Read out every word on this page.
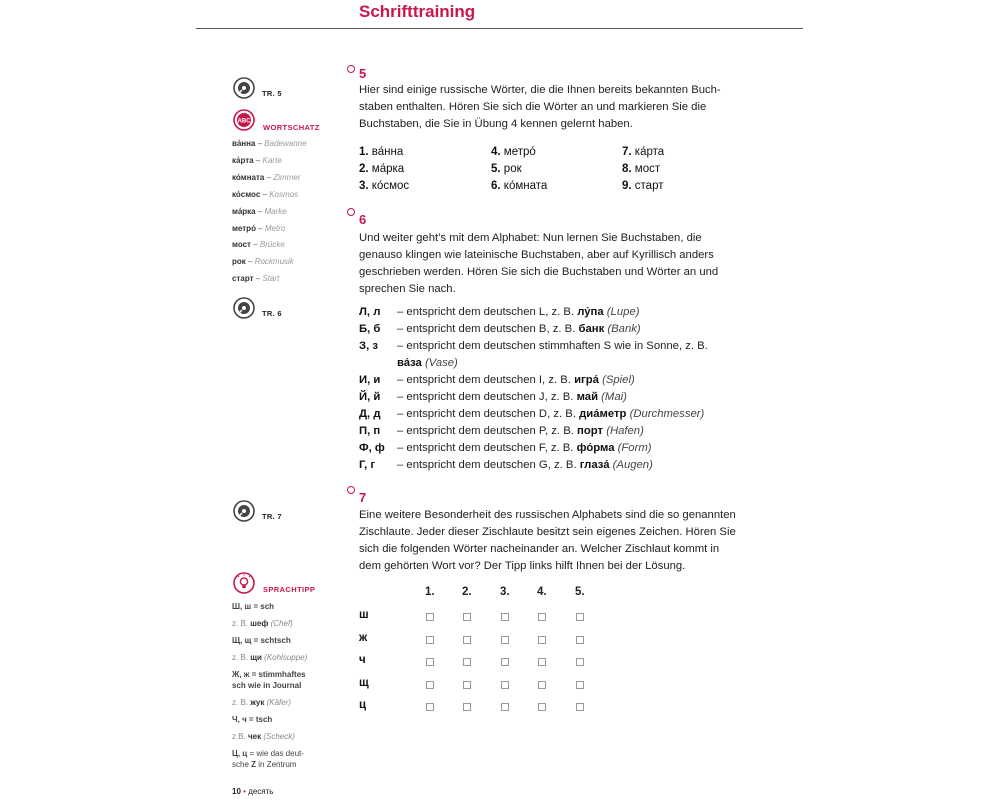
Schrifttraining
TR. 5
ABC
WORTSCHATZ
ва́нна – Badewanne
ка́рта – Karte
ко́мната – Zimmer
ко́смос – Kosmos
ма́рка – Marke
метро́ – Metro
мост – Brücke
рок – Rockmusik
старт – Start
TR. 6
TR. 7
SPRACHTIPP
Ш, ш = sch
z. B. шеф (Chef)
Щ, щ = schtsch
z. B. щи (Kohlsuppe)
Ж, ж = stimmhaftes
sch wie in Journal
z. B. жук (Käfer)
Ч, ч = tsch
z.B. чек (Scheck)
Ц, ц = wie das deut-
sche Z in Zentrum
10 • десять
5
Hier sind einige russische Wörter, die die Ihnen bereits bekannten Buch-
staben enthalten. Hören Sie sich die Wörter an und markieren Sie die
Buchstaben, die Sie in Übung 4 kennen gelernt haben.
1. ва́нна
2. ма́рка
3. ко́смос
4. метро́
5. рок
6. ко́мната
7. ка́рта
8. мост
9. старт
6
Und weiter geht’s mit dem Alphabet: Nun lernen Sie Buchstaben, die
genauso klingen wie lateinische Buchstaben, aber auf Kyrillisch anders
geschrieben werden. Hören Sie sich die Buchstaben und Wörter an und
sprechen Sie nach.
Л, л – entspricht dem deutschen L, z. B. лу́па (Lupe)
Б, б – entspricht dem deutschen B, z. B. банк (Bank)
З, з – entspricht dem deutschen stimmhaften S wie in Sonne, z. B.
ва́за (Vase)
И, и – entspricht dem deutschen I, z. B. игра́ (Spiel)
Й, й – entspricht dem deutschen J, z. B. май (Mai)
Д, д – entspricht dem deutschen D, z. B. диа́метр (Durchmesser)
П, п – entspricht dem deutschen P, z. B. порт (Hafen)
Ф, ф – entspricht dem deutschen F, z. B. фо́рма (Form)
Г, г – entspricht dem deutschen G, z. B. глаза́ (Augen)
7
Eine weitere Besonderheit des russischen Alphabets sind die so genannten
Zischlaute. Jeder dieser Zischlaute besitzt sein eigenes Zeichen. Hören Sie
sich die folgenden Wörter nacheinander an. Welcher Zischlaut kommt in
dem gehörten Wort vor? Der Tipp links hilft Ihnen bei der Lösung.
1. 2. 3. 4. 5.
ш
ж
ч
щ
ц
